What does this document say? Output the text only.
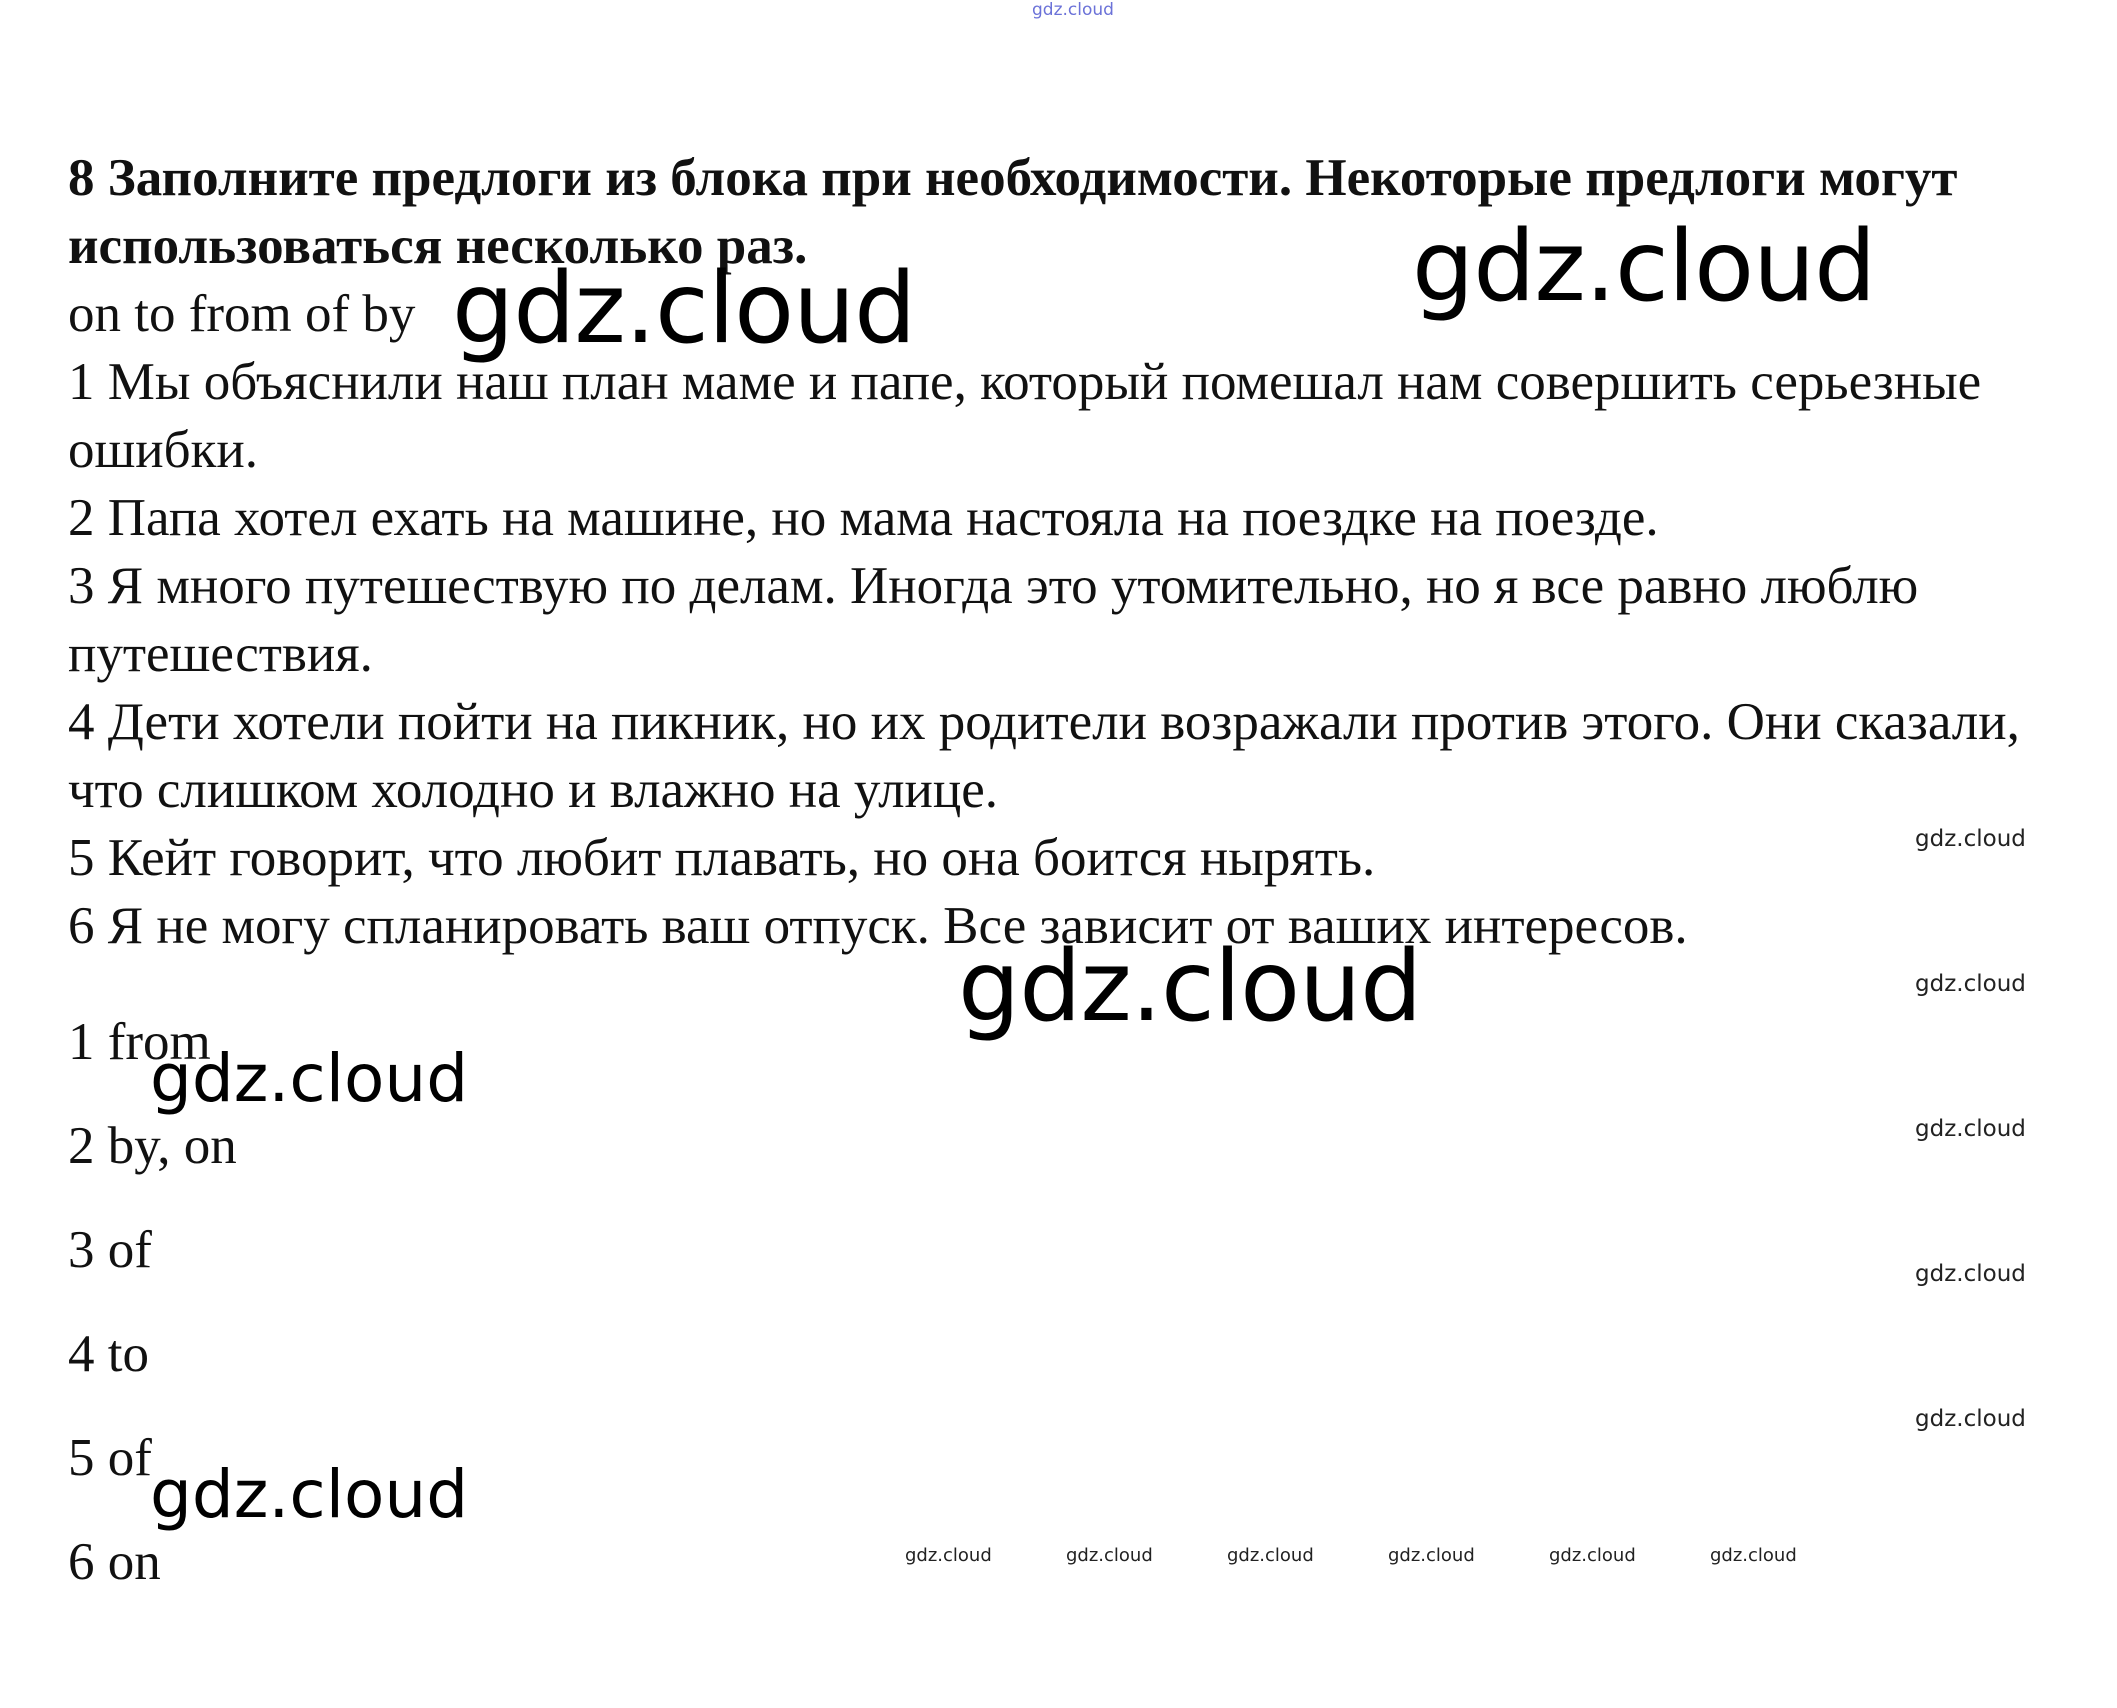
gdz.cloud

8 Заполните предлоги из блока при необходимости. Некоторые предлоги могут использоваться несколько раз.

on to from of by
1 Мы объяснили наш план маме и папе, который помешал нам совершить серьезные ошибки.
2 Папа хотел ехать на машине, но мама настояла на поездке на поезде.
3 Я много путешествую по делам. Иногда это утомительно, но я все равно люблю путешествия.
4 Дети хотели пойти на пикник, но их родители возражали против этого. Они сказали, что слишком холодно и влажно на улице.
5 Кейт говорит, что любит плавать, но она боится нырять.
6 Я не могу спланировать ваш отпуск. Все зависит от ваших интересов.
1 from
2 by, on
3 of
4 to
5 of
6 on
gdz.cloud
gdz.cloud
gdz.cloud
gdz.cloud
gdz.cloud
gdz.cloud
gdz.cloud
gdz.cloud
gdz.cloud
gdz.cloud
gdz.cloud	gdz.cloud	gdz.cloud	gdz.cloud	gdz.cloud	gdz.cloud
